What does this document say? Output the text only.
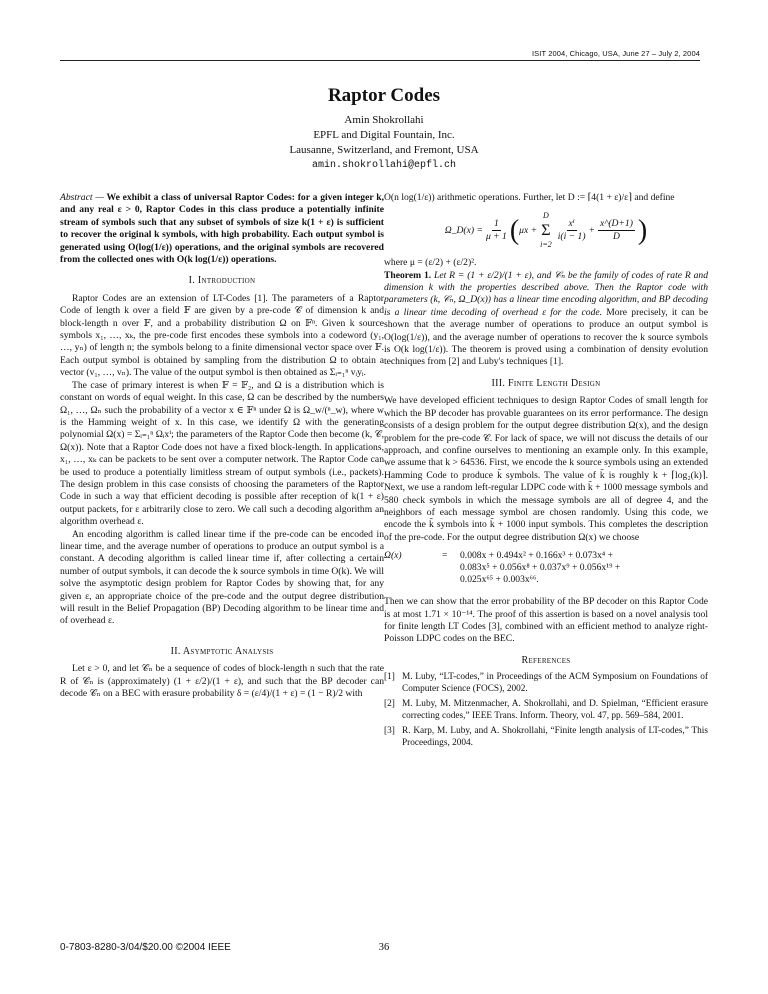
ISIT 2004, Chicago, USA, June 27 – July 2, 2004
Raptor Codes
Amin Shokrollahi
EPFL and Digital Fountain, Inc.
Lausanne, Switzerland, and Fremont, USA
amin.shokrollahi@epfl.ch

Abstract — We exhibit a class of universal Raptor Codes: for a given integer k, and any real ε > 0, Raptor Codes in this class produce a potentially infinite stream of symbols such that any subset of symbols of size k(1 + ε) is sufficient to recover the original k symbols, with high probability. Each output symbol is generated using O(log(1/ε)) operations, and the original symbols are recovered from the collected ones with O(k log(1/ε)) operations.

I. Introduction

Raptor Codes are an extension of LT-Codes [1]. The parameters of a Raptor Code of length k over a field 𝔽 are given by a pre-code 𝒞 of dimension k and block-length n over 𝔽, and a probability distribution Ω on 𝔽ⁿ. Given k source symbols x₁, …, xₖ, the pre-code first encodes these symbols into a codeword (y₁, …, yₙ) of length n; the symbols belong to a finite dimensional vector space over 𝔽. Each output symbol is obtained by sampling from the distribution Ω to obtain a vector (v₁, …, vₙ). The value of the output symbol is then obtained as Σᵢ₌₁ⁿ vᵢyᵢ.

The case of primary interest is when 𝔽 = 𝔽₂, and Ω is a distribution which is constant on words of equal weight. In this case, Ω can be described by the numbers Ω₁, …, Ωₙ such the probability of a vector x ∈ 𝔽ⁿ under Ω is Ω_w/(ⁿ_w), where w is the Hamming weight of x. In this case, we identify Ω with the generating polynomial Ω(x) = Σᵢ₌₁ⁿ Ωᵢxⁱ; the parameters of the Raptor Code then become (k, 𝒞, Ω(x)). Note that a Raptor Code does not have a fixed block-length. In applications, x₁, …, xₖ can be packets to be sent over a computer network. The Raptor Code can be used to produce a potentially limitless stream of output symbols (i.e., packets). The design problem in this case consists of choosing the parameters of the Raptor Code in such a way that efficient decoding is possible after reception of k(1 + ε) output packets, for ε arbitrarily close to zero. We call such a decoding algorithm an algorithm overhead ε.

An encoding algorithm is called linear time if the pre-code can be encoded in linear time, and the average number of operations to produce an output symbol is a constant. A decoding algorithm is called linear time if, after collecting a certain number of output symbols, it can decode the k source symbols in time O(k). We will solve the asymptotic design problem for Raptor Codes by showing that, for any given ε, an appropriate choice of the pre-code and the output degree distribution will result in the Belief Propagation (BP) Decoding algorithm to be linear time and of overhead ε.

II. Asymptotic Analysis

Let ε > 0, and let 𝒞ₙ be a sequence of codes of block-length n such that the rate R of 𝒞ₙ is (approximately) (1 + ε/2)/(1 + ε), and such that the BP decoder can decode 𝒞ₙ on a BEC with erasure probability δ = (ε/4)/(1 + ε) = (1 − R)/2 with

O(n log(1/ε)) arithmetic operations. Further, let D := ⌈4(1 + ε)/ε⌉ and define

Ω_D(x) = $\frac{1}{\mu + 1}$ ( μx +
D
Σ
i=2
$\frac{\text{xⁱ}}{i(i - 1)} + \frac{x\^{}(D+1)}{D}$ )

where μ = (ε/2) + (ε/2)².

Theorem 1. Let R = (1 + ε/2)/(1 + ε), and 𝒞ₙ be the family of codes of rate R and dimension k with the properties described above. Then the Raptor code with parameters (k, 𝒞ₙ, Ω_D(x)) has a linear time encoding algorithm, and BP decoding is a linear time decoding of overhead ε for the code. More precisely, it can be shown that the average number of operations to produce an output symbol is O(log(1/ε)), and the average number of operations to recover the k source symbols is O(k log(1/ε)). The theorem is proved using a combination of density evolution techniques from [2] and Luby's techniques [1].

III. Finite Length Design

We have developed efficient techniques to design Raptor Codes of small length for which the BP decoder has provable guarantees on its error performance. The design consists of a design problem for the output degree distribution Ω(x), and the design problem for the pre-code 𝒞. For lack of space, we will not discuss the details of our approach, and confine ourselves to mentioning an example only. In this example, we assume that k > 64536. First, we encode the k source symbols using an extended Hamming Code to produce k̃ symbols. The value of k̃ is roughly k + ⌈log₂(k)⌉. Next, we use a random left-regular LDPC code with k̃ + 1000 message symbols and 580 check symbols in which the message symbols are all of degree 4, and the neighbors of each message symbol are chosen randomly. Using this code, we encode the k̃ symbols into k̃ + 1000 input symbols. This completes the description of the pre-code. For the output degree distribution Ω(x) we choose

Ω(x)	=	0.008x + 0.494x² + 0.166x³ + 0.073x⁴ +
0.083x⁵ + 0.056x⁸ + 0.037x⁹ + 0.056x¹⁹ +
0.025x⁶⁵ + 0.003x⁶⁶.

Then we can show that the error probability of the BP decoder on this Raptor Code is at most 1.71 × 10⁻¹⁴. The proof of this assertion is based on a novel analysis tool for finite length LT Codes [3], combined with an efficient method to analyze right-Poisson LDPC codes on the BEC.

References
[1] M. Luby, “LT-codes,” in Proceedings of the ACM Symposium on Foundations of Computer Science (FOCS), 2002.
[2] M. Luby, M. Mitzenmacher, A. Shokrollahi, and D. Spielman, “Efficient erasure correcting codes,” IEEE Trans. Inform. Theory, vol. 47, pp. 569–584, 2001.
[3] R. Karp, M. Luby, and A. Shokrollahi, “Finite length analysis of LT-codes,” This Proceedings, 2004.
0-7803-8280-3/04/$20.00 ©2004 IEEE	36
